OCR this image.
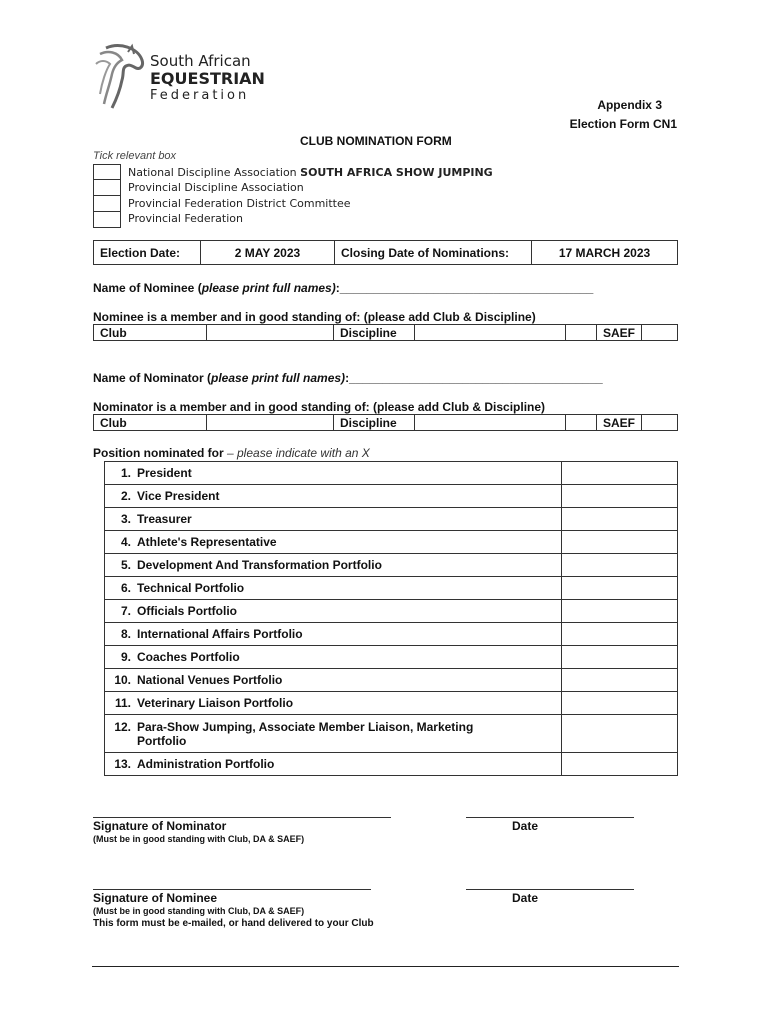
South African
EQUESTRIAN
Federation
Appendix 3
Election Form CN1
CLUB NOMINATION FORM
Tick relevant box
National Discipline Association SOUTH AFRICA SHOW JUMPING
Provincial Discipline Association
Provincial Federation District Committee
Provincial Federation
Election Date:	2 MAY 2023	Closing Date of Nominations:	17 MARCH 2023
Name of Nominee (please print full names):______________________________________
Nominee is a member and in good standing of: (please add Club & Discipline)
Club		Discipline			SAEF	
Name of Nominator (please print full names):______________________________________
Nominator is a member and in good standing of: (please add Club & Discipline)
Club		Discipline			SAEF	
Position nominated for – please indicate with an X
1. President	
2. Vice President	
3. Treasurer	
4. Athlete's Representative	
5. Development And Transformation Portfolio	
6. Technical Portfolio	
7. Officials Portfolio	
8. International Affairs Portfolio	
9. Coaches Portfolio	
10. National Venues Portfolio	
11. Veterinary Liaison Portfolio	
12. Para-Show Jumping, Associate Member Liaison, Marketing Portfolio	
13. Administration Portfolio	
Signature of Nominator	Date
(Must be in good standing with Club, DA & SAEF)
Signature of Nominee	Date
(Must be in good standing with Club, DA & SAEF)
This form must be e-mailed, or hand delivered to your Club
